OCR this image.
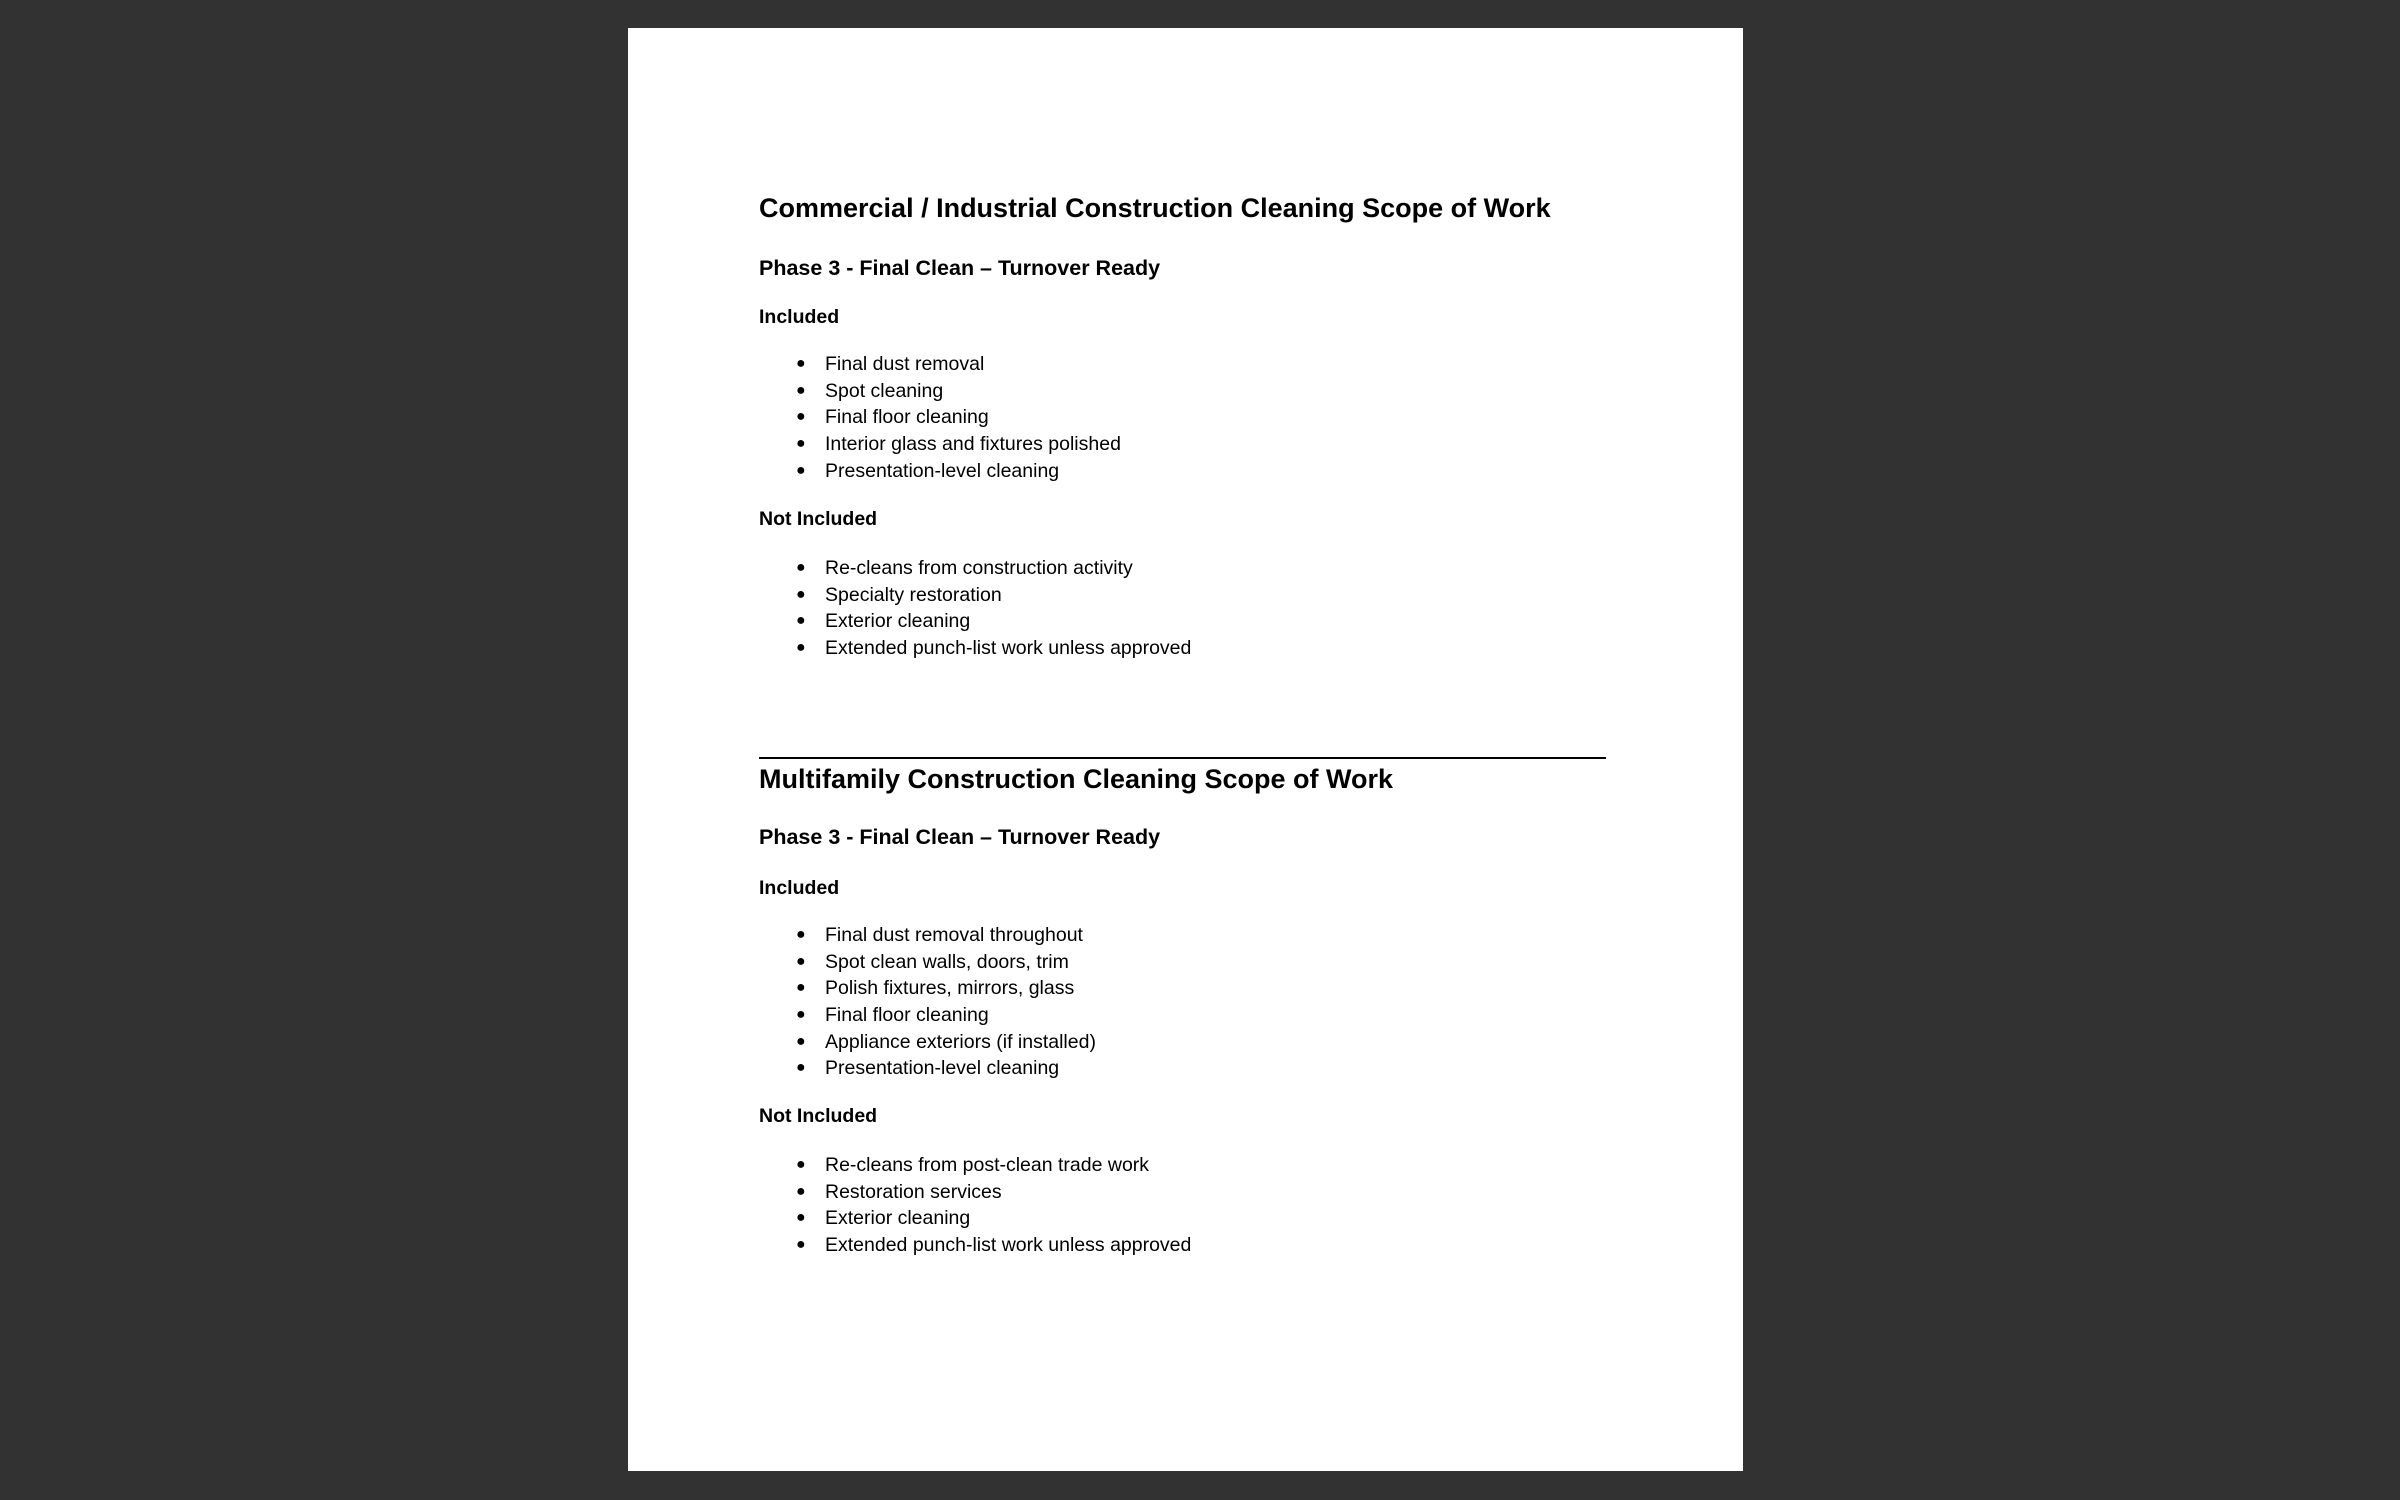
Commercial / Industrial Construction Cleaning Scope of Work
Phase 3 - Final Clean – Turnover Ready
Included
● Final dust removal
● Spot cleaning
● Final floor cleaning
● Interior glass and fixtures polished
● Presentation-level cleaning
Not Included
● Re-cleans from construction activity
● Specialty restoration
● Exterior cleaning
● Extended punch-list work unless approved
Multifamily Construction Cleaning Scope of Work
Phase 3 - Final Clean – Turnover Ready
Included
● Final dust removal throughout
● Spot clean walls, doors, trim
● Polish fixtures, mirrors, glass
● Final floor cleaning
● Appliance exteriors (if installed)
● Presentation-level cleaning
Not Included
● Re-cleans from post-clean trade work
● Restoration services
● Exterior cleaning
● Extended punch-list work unless approved
